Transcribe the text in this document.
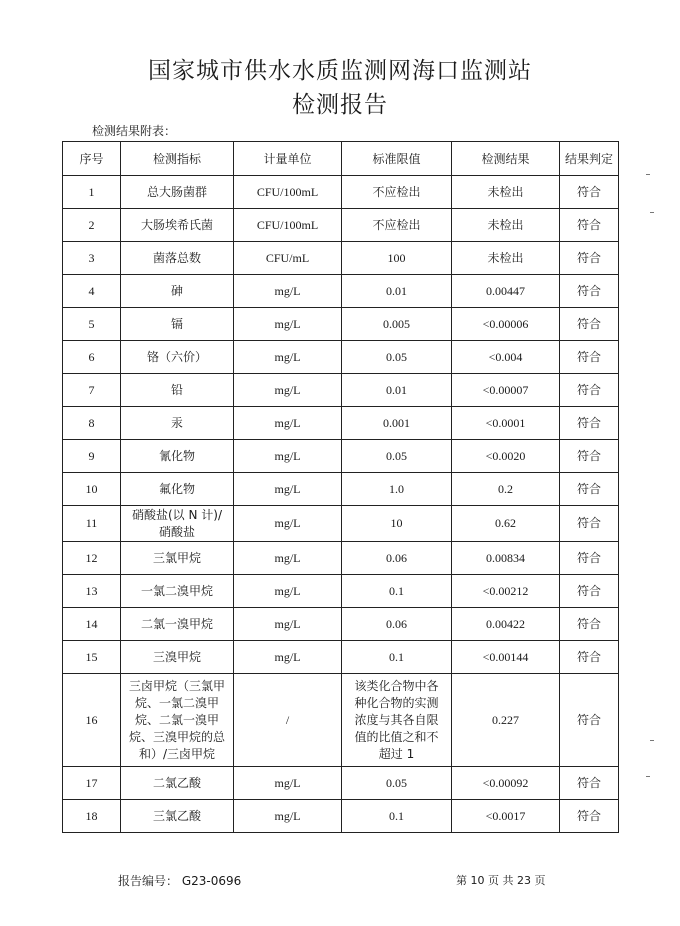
国家城市供水水质监测网海口监测站
检测报告
检测结果附表：
序号	检测指标	计量单位	标准限值	检测结果	结果判定
1	总大肠菌群	CFU/100mL	不应检出	未检出	符合
2	大肠埃希氏菌	CFU/100mL	不应检出	未检出	符合
3	菌落总数	CFU/mL	100	未检出	符合
4	砷	mg/L	0.01	0.00447	符合
5	镉	mg/L	0.005	<0.00006	符合
6	铬（六价）	mg/L	0.05	<0.004	符合
7	铅	mg/L	0.01	<0.00007	符合
8	汞	mg/L	0.001	<0.0001	符合
9	氰化物	mg/L	0.05	<0.0020	符合
10	氟化物	mg/L	1.0	0.2	符合
11	硝酸盐(以 N 计)/
硝酸盐	mg/L	10	0.62	符合
12	三氯甲烷	mg/L	0.06	0.00834	符合
13	一氯二溴甲烷	mg/L	0.1	<0.00212	符合
14	二氯一溴甲烷	mg/L	0.06	0.00422	符合
15	三溴甲烷	mg/L	0.1	<0.00144	符合
16	三卤甲烷（三氯甲
烷、一氯二溴甲
烷、二氯一溴甲
烷、三溴甲烷的总
和）/三卤甲烷	/	该类化合物中各
种化合物的实测
浓度与其各自限
值的比值之和不
超过 1	0.227	符合
17	二氯乙酸	mg/L	0.05	<0.00092	符合
18	三氯乙酸	mg/L	0.1	<0.0017	符合
报告编号： G23-0696	第 10 页 共 23 页
